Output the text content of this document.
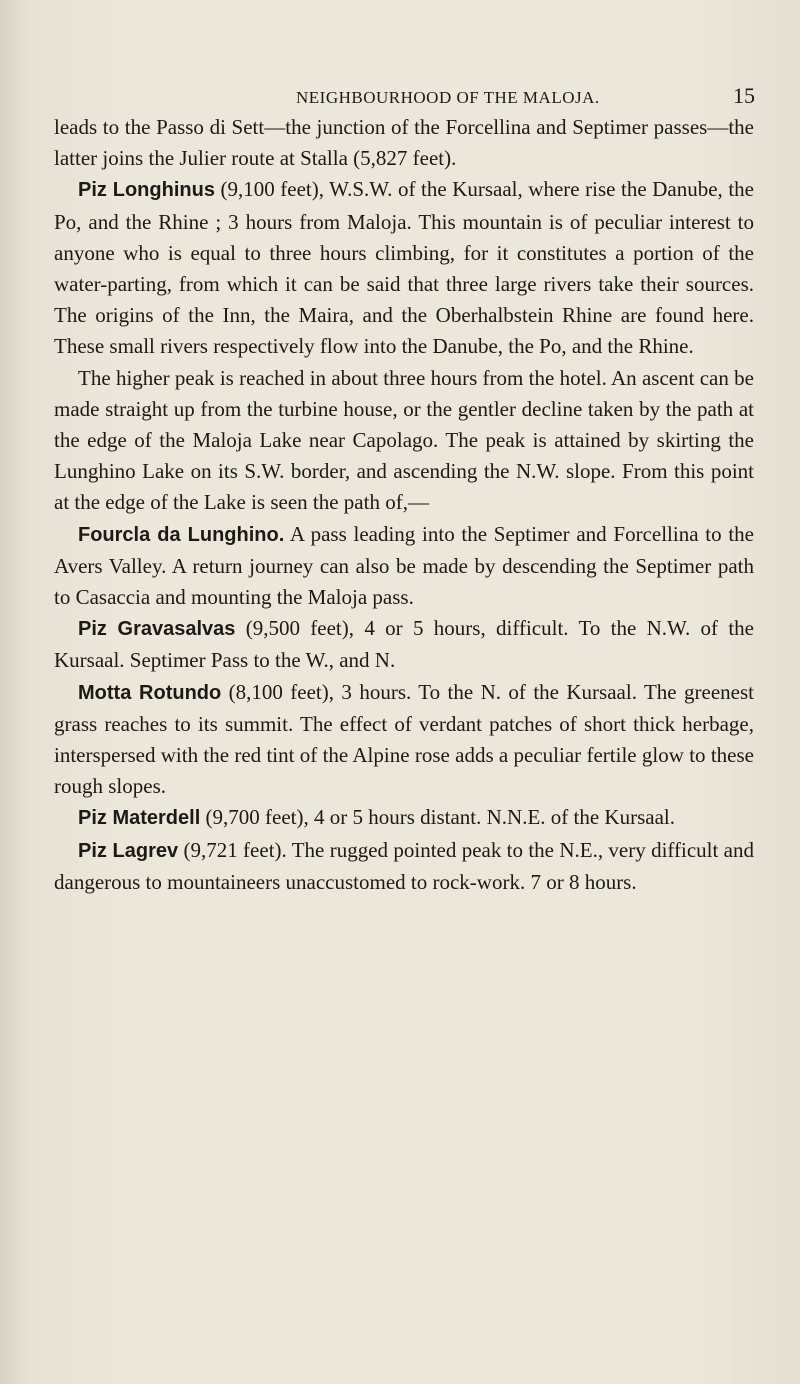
NEIGHBOURHOOD OF THE MALOJA.	15

leads to the Passo di Sett—the junction of the Forcellina and Septimer passes—the latter joins the Julier route at Stalla (5,827 feet).

Piz Longhinus (9,100 feet), W.S.W. of the Kursaal, where rise the Danube, the Po, and the Rhine ; 3 hours from Maloja. This mountain is of peculiar interest to anyone who is equal to three hours climbing, for it constitutes a portion of the water-parting, from which it can be said that three large rivers take their sources. The origins of the Inn, the Maira, and the Oberhalbstein Rhine are found here. These small rivers respectively flow into the Danube, the Po, and the Rhine.

The higher peak is reached in about three hours from the hotel. An ascent can be made straight up from the turbine house, or the gentler decline taken by the path at the edge of the Maloja Lake near Capolago. The peak is attained by skirting the Lunghino Lake on its S.W. border, and ascending the N.W. slope. From this point at the edge of the Lake is seen the path of,—

Fourcla da Lunghino. A pass leading into the Septimer and Forcellina to the Avers Valley. A return journey can also be made by descending the Septimer path to Casaccia and mounting the Maloja pass.

Piz Gravasalvas (9,500 feet), 4 or 5 hours, difficult. To the N.W. of the Kursaal. Septimer Pass to the W., and N.

Motta Rotundo (8,100 feet), 3 hours. To the N. of the Kursaal. The greenest grass reaches to its summit. The effect of verdant patches of short thick herbage, interspersed with the red tint of the Alpine rose adds a peculiar fertile glow to these rough slopes.

Piz Materdell (9,700 feet), 4 or 5 hours distant. N.N.E. of the Kursaal.

Piz Lagrev (9,721 feet). The rugged pointed peak to the N.E., very difficult and dangerous to mountaineers unaccustomed to rock-work. 7 or 8 hours.
